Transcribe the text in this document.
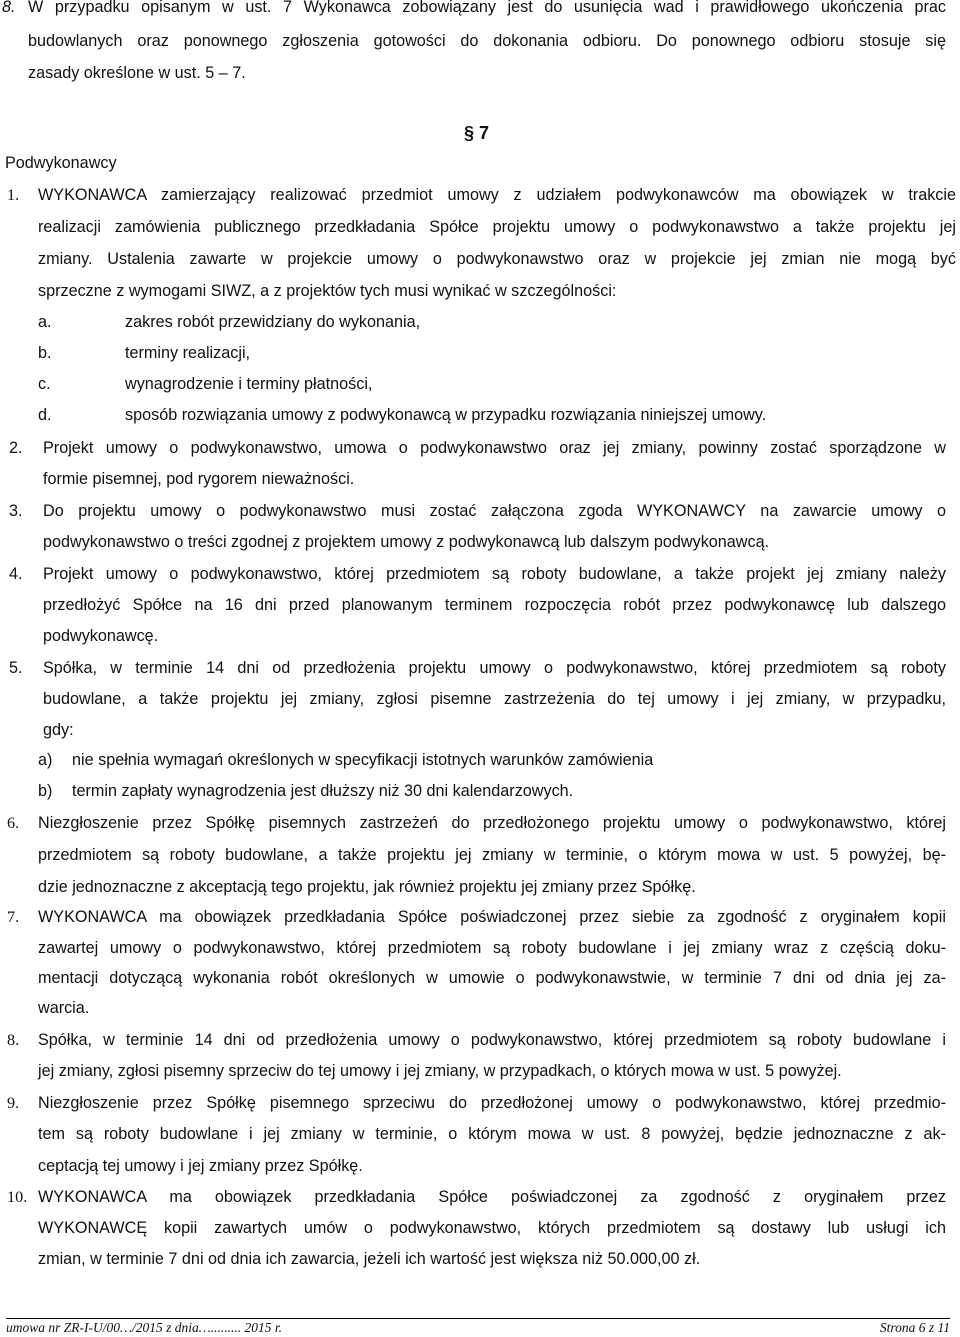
8. W przypadku opisanym w ust. 7 Wykonawca zobowiązany jest do usunięcia wad i prawidłowego ukończenia prac
budowlanych oraz ponownego zgłoszenia gotowości do dokonania odbioru. Do ponownego odbioru stosuje się
zasady określone w ust. 5 – 7.
§ 7
Podwykonawcy
1. WYKONAWCA zamierzający realizować przedmiot umowy z udziałem podwykonawców ma obowiązek w trakcie
realizacji zamówienia publicznego przedkładania Spółce projektu umowy o podwykonawstwo a także projektu jej
zmiany. Ustalenia zawarte w projekcie umowy o podwykonawstwo oraz w projekcie jej zmian nie mogą być
sprzeczne z wymogami SIWZ, a z projektów tych musi wynikać w szczególności:
a.	zakres robót przewidziany do wykonania,
b.	terminy realizacji,
c.	wynagrodzenie i terminy płatności,
d.	sposób rozwiązania umowy z podwykonawcą w przypadku rozwiązania niniejszej umowy.
2. Projekt umowy o podwykonawstwo, umowa o podwykonawstwo oraz jej zmiany, powinny zostać sporządzone w
formie pisemnej, pod rygorem nieważności.
3. Do projektu umowy o podwykonawstwo musi zostać załączona zgoda WYKONAWCY na zawarcie umowy o
podwykonawstwo o treści zgodnej z projektem umowy z podwykonawcą lub dalszym podwykonawcą.
4. Projekt umowy o podwykonawstwo, której przedmiotem są roboty budowlane, a także projekt jej zmiany należy
przedłożyć Spółce na 16 dni przed planowanym terminem rozpoczęcia robót przez podwykonawcę lub dalszego
podwykonawcę.
5. Spółka, w terminie 14 dni od przedłożenia projektu umowy o podwykonawstwo, której przedmiotem są roboty
budowlane, a także projektu jej zmiany, zgłosi pisemne zastrzeżenia do tej umowy i jej zmiany, w przypadku,
gdy:
a) nie spełnia wymagań określonych w specyfikacji istotnych warunków zamówienia
b) termin zapłaty wynagrodzenia jest dłuższy niż 30 dni kalendarzowych.
6. Niezgłoszenie przez Spółkę pisemnych zastrzeżeń do przedłożonego projektu umowy o podwykonawstwo, której
przedmiotem są roboty budowlane, a także projektu jej zmiany w terminie, o którym mowa w ust. 5 powyżej, bę-
dzie jednoznaczne z akceptacją tego projektu, jak również projektu jej zmiany przez Spółkę.
7. WYKONAWCA ma obowiązek przedkładania Spółce poświadczonej przez siebie za zgodność z oryginałem kopii
zawartej umowy o podwykonawstwo, której przedmiotem są roboty budowlane i jej zmiany wraz z częścią doku-
mentacji dotyczącą wykonania robót określonych w umowie o podwykonawstwie, w terminie 7 dni od dnia jej za-
warcia.
8. Spółka, w terminie 14 dni od przedłożenia umowy o podwykonawstwo, której przedmiotem są roboty budowlane i
jej zmiany, zgłosi pisemny sprzeciw do tej umowy i jej zmiany, w przypadkach, o których mowa w ust. 5 powyżej.
9. Niezgłoszenie przez Spółkę pisemnego sprzeciwu do przedłożonej umowy o podwykonawstwo, której przedmio-
tem są roboty budowlane i jej zmiany w terminie, o którym mowa w ust. 8 powyżej, będzie jednoznaczne z ak-
ceptacją tej umowy i jej zmiany przez Spółkę.
10. WYKONAWCA ma obowiązek przedkładania Spółce poświadczonej za zgodność z oryginałem przez
WYKONAWCĘ kopii zawartych umów o podwykonawstwo, których przedmiotem są dostawy lub usługi ich
zmian, w terminie 7 dni od dnia ich zawarcia, jeżeli ich wartość jest większa niż 50.000,00 zł.
umowa nr ZR-I-U/00…/2015 z dnia…......... 2015 r.	Strona 6 z 11
